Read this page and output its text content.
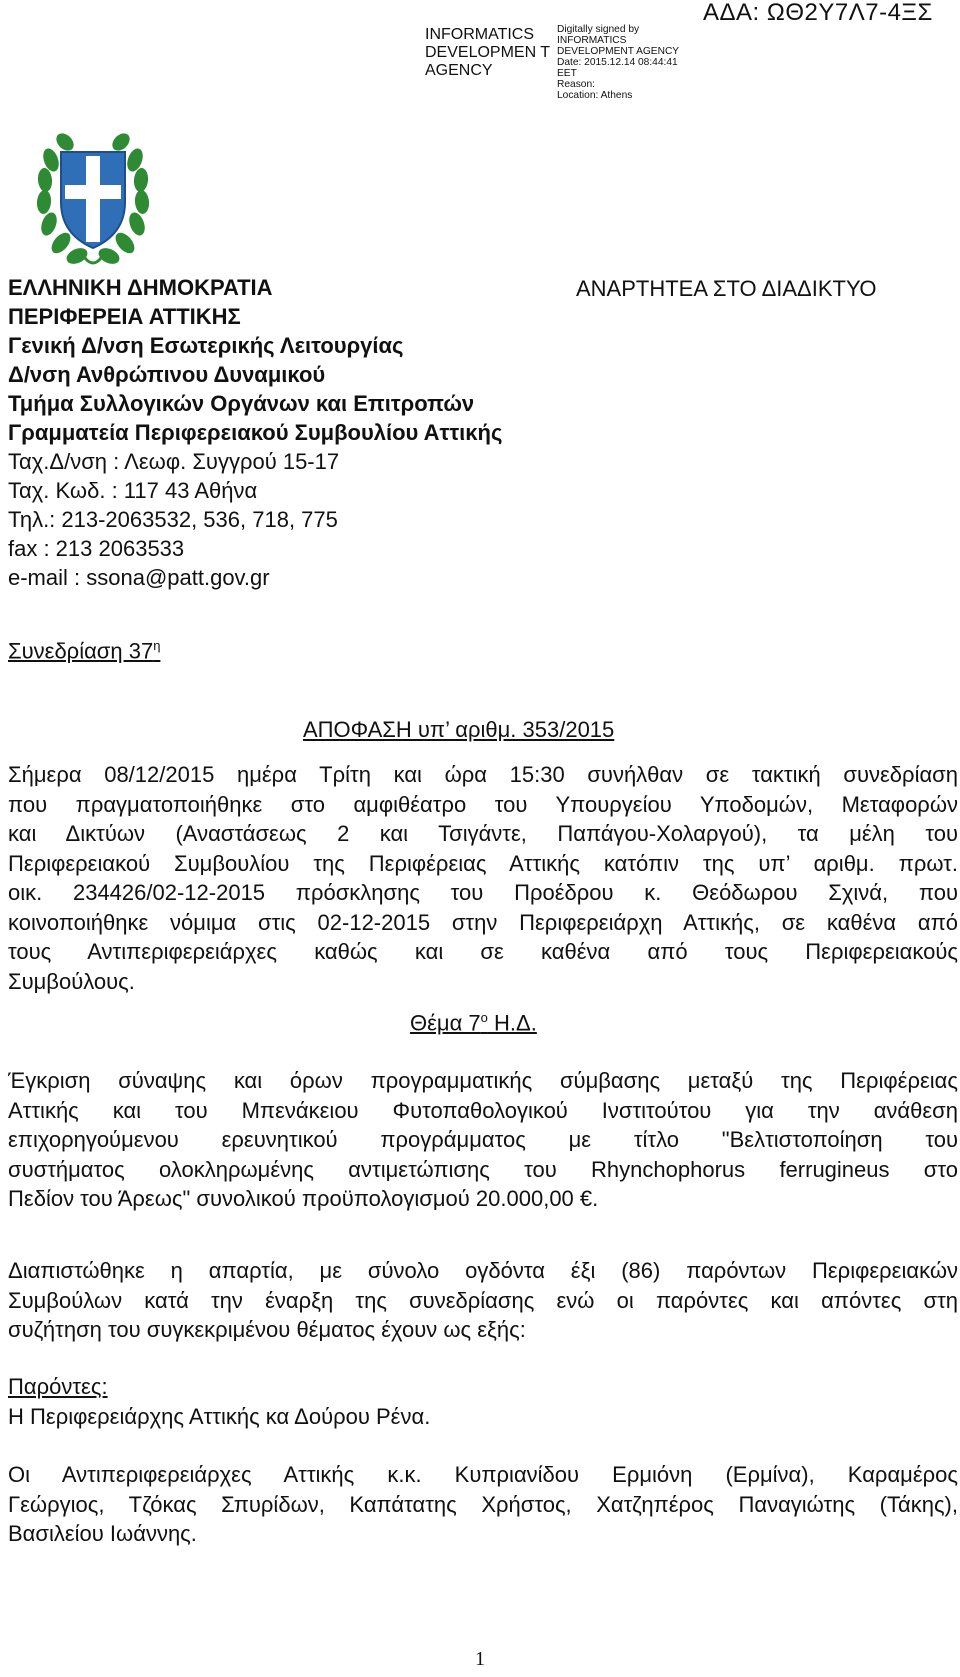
INFORMATICS DEVELOPMEN T AGENCY
Digitally signed by
INFORMATICS
DEVELOPMENT AGENCY
Date: 2015.12.14 08:44:41
EET
Reason:
Location: Athens
ΑΔΑ: ΩΘ2Υ7Λ7-4ΞΣ
ΕΛΛΗΝΙΚΗ ΔΗΜΟΚΡΑΤΙΑ
ΠΕΡΙΦΕΡΕΙΑ ΑΤΤΙΚΗΣ
Γενική Δ/νση Εσωτερικής Λειτουργίας
Δ/νση Ανθρώπινου Δυναμικού
Τμήμα Συλλογικών Οργάνων και Επιτροπών
Γραμματεία Περιφερειακού Συμβουλίου Αττικής
Ταχ.Δ/νση : Λεωφ. Συγγρού 15-17
Ταχ. Κωδ. : 117 43 Αθήνα
Τηλ.: 213-2063532, 536, 718, 775
fax : 213 2063533
e-mail : ssona@patt.gov.gr
ΑΝΑΡΤΗΤΕΑ ΣΤΟ ΔΙΑΔΙΚΤΥΟ
Συνεδρίαση $37^\eta$
ΑΠΟΦΑΣΗ υπ’ αριθμ. 353/2015
Σήμερα 08/12/2015 ημέρα Τρίτη και ώρα 15:30 συνήλθαν σε τακτική συνεδρίαση
που πραγματοποιήθηκε στο αμφιθέατρο του Υπουργείου Υποδομών, Μεταφορών
και Δικτύων (Αναστάσεως 2 και Τσιγάντε, Παπάγου-Χολαργού), τα μέλη του
Περιφερειακού Συμβουλίου της Περιφέρειας Αττικής κατόπιν της υπ’ αριθμ. πρωτ.
οικ. 234426/02-12-2015 πρόσκλησης του Προέδρου κ. Θεόδωρου Σχινά, που
κοινοποιήθηκε νόμιμα στις 02-12-2015 στην Περιφερειάρχη Αττικής, σε καθένα από
τους Αντιπεριφερειάρχες καθώς και σε καθένα από τους Περιφερειακούς
Συμβούλους.
Θέμα $7^o$ Η.Δ.
Έγκριση σύναψης και όρων προγραμματικής σύμβασης μεταξύ της Περιφέρειας
Αττικής και του Μπενάκειου Φυτοπαθολογικού Ινστιτούτου για την ανάθεση
επιχορηγούμενου ερευνητικού προγράμματος με τίτλο "Βελτιστοποίηση του
συστήματος ολοκληρωμένης αντιμετώπισης του Rhynchophorus ferrugineus στο
Πεδίον του Άρεως" συνολικού προϋπολογισμού 20.000,00 €.
Διαπιστώθηκε η απαρτία, με σύνολο ογδόντα έξι (86) παρόντων Περιφερειακών
Συμβούλων κατά την έναρξη της συνεδρίασης ενώ οι παρόντες και απόντες στη
συζήτηση του συγκεκριμένου θέματος έχουν ως εξής:
Παρόντες:
Η Περιφερειάρχης Αττικής κα Δούρου Ρένα.
Οι Αντιπεριφερειάρχες Αττικής κ.κ. Κυπριανίδου Ερμιόνη (Ερμίνα), Καραμέρος
Γεώργιος, Τζόκας Σπυρίδων, Καπάτατης Χρήστος, Χατζηπέρος Παναγιώτης (Τάκης),
Βασιλείου Ιωάννης.
1
